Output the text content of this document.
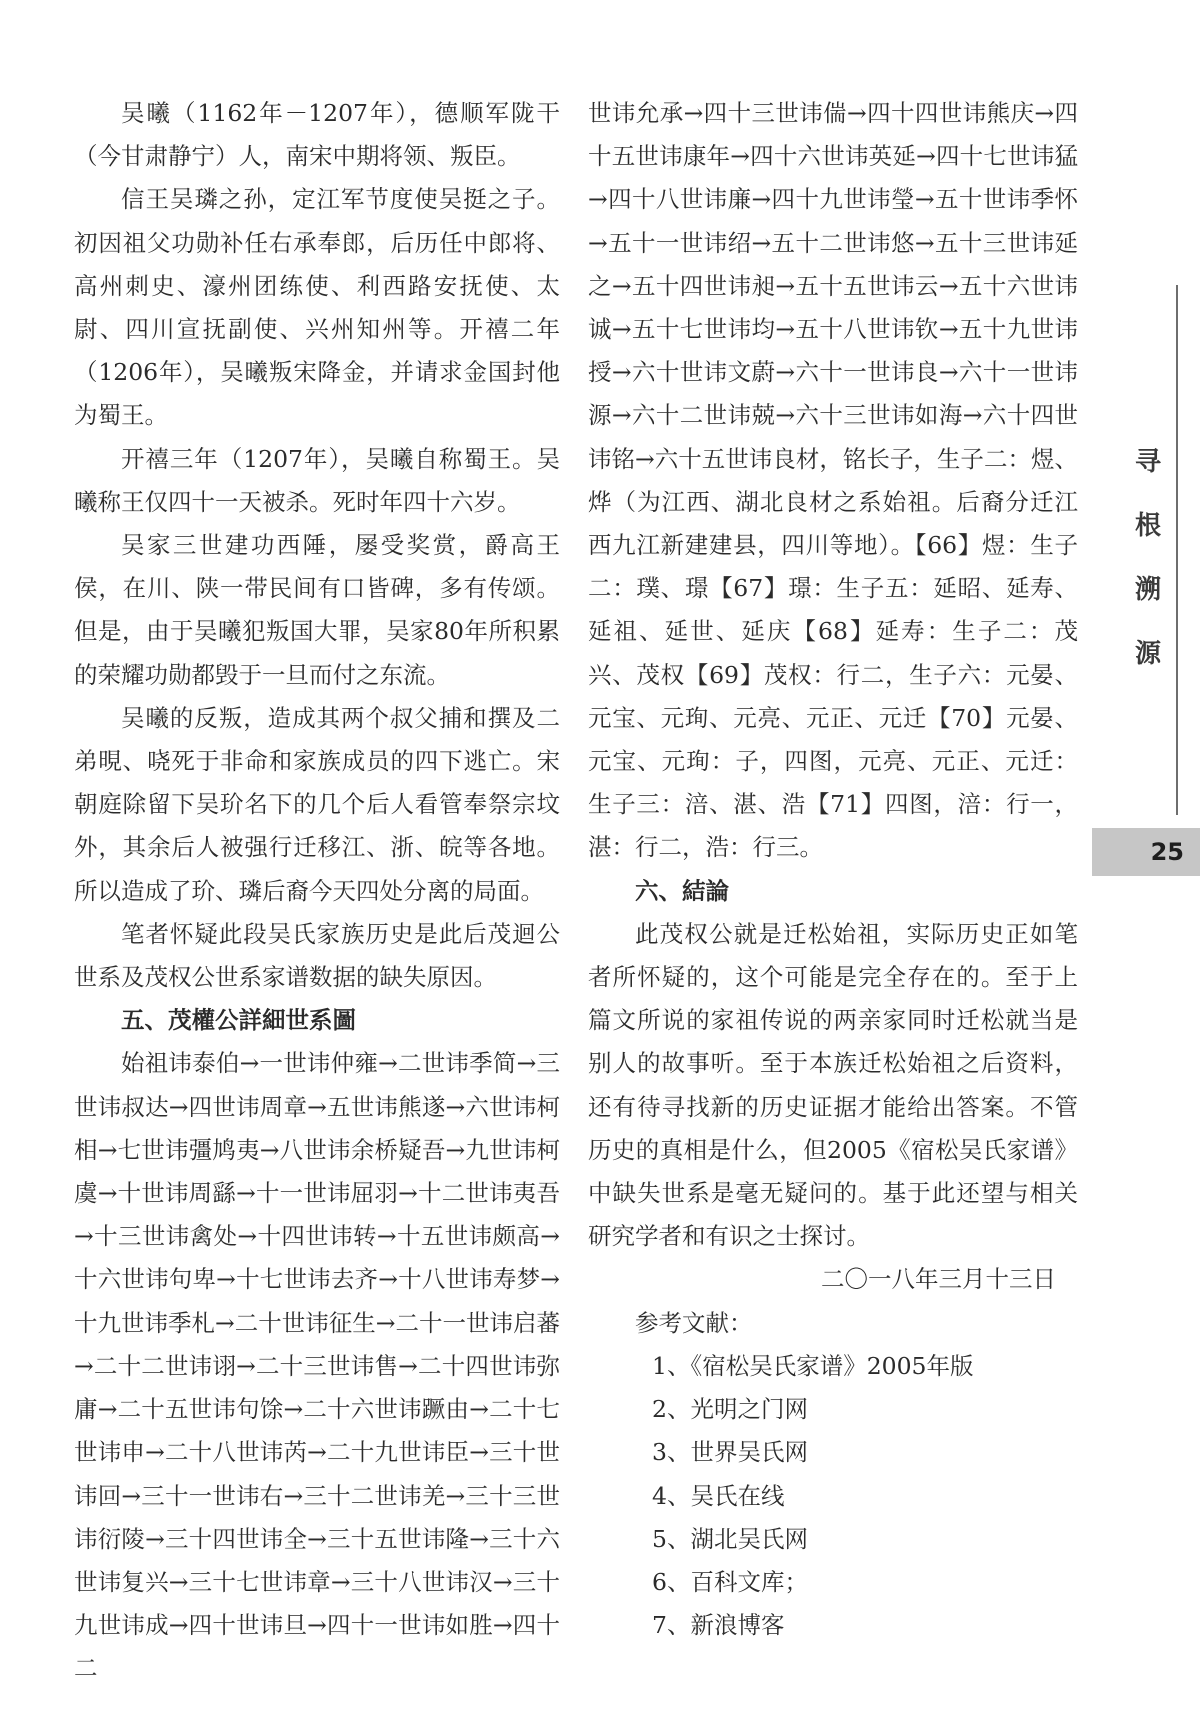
吴曦（1162年－1207年），德顺军陇干（今甘肃静宁）人，南宋中期将领、叛臣。

信王吴璘之孙，定江军节度使吴挺之子。初因祖父功勋补任右承奉郎，后历任中郎将、高州刺史、濠州团练使、利西路安抚使、太尉、四川宣抚副使、兴州知州等。开禧二年（1206年），吴曦叛宋降金，并请求金国封他为蜀王。

开禧三年（1207年），吴曦自称蜀王。吴曦称王仅四十一天被杀。死时年四十六岁。

吴家三世建功西陲，屡受奖赏，爵高王侯，在川、陕一带民间有口皆碑，多有传颂。但是，由于吴曦犯叛国大罪，吴家80年所积累的荣耀功勋都毁于一旦而付之东流。

吴曦的反叛，造成其两个叔父捕和撰及二弟晛、哓死于非命和家族成员的四下逃亡。宋朝庭除留下吴玠名下的几个后人看管奉祭宗坟外，其余后人被强行迁移江、浙、皖等各地。所以造成了玠、璘后裔今天四处分离的局面。

笔者怀疑此段吴氏家族历史是此后茂迴公世系及茂权公世系家谱数据的缺失原因。

五、茂權公詳細世系圖

始祖讳泰伯→一世讳仲雍→二世讳季简→三世讳叔达→四世讳周章→五世讳熊遂→六世讳柯相→七世讳彊鸠夷→八世讳余桥疑吾→九世讳柯虞→十世讳周繇→十一世讳屈羽→十二世讳夷吾→十三世讳禽处→十四世讳转→十五世讳颇高→十六世讳句卑→十七世讳去齐→十八世讳寿梦→十九世讳季札→二十世讳征生→二十一世讳启蕃→二十二世讳诩→二十三世讳售→二十四世讳弥庸→二十五世讳句馀→二十六世讳蹶由→二十七世讳申→二十八世讳芮→二十九世讳臣→三十世讳回→三十一世讳右→三十二世讳羌→三十三世讳衍陵→三十四世讳全→三十五世讳隆→三十六世讳复兴→三十七世讳章→三十八世讳汉→三十九世讳成→四十世讳旦→四十一世讳如胜→四十二

世讳允承→四十三世讳偳→四十四世讳熊庆→四十五世讳康年→四十六世讳英延→四十七世讳猛→四十八世讳廉→四十九世讳瑩→五十世讳季怀→五十一世讳绍→五十二世讳悠→五十三世讳延之→五十四世讳昶→五十五世讳云→五十六世讳诚→五十七世讳均→五十八世讳钦→五十九世讳授→六十世讳文蔚→六十一世讳良→六十一世讳源→六十二世讳兢→六十三世讳如海→六十四世讳铭→六十五世讳良材，铭长子，生子二：煜、烨（为江西、湖北良材之系始祖。后裔分迁江西九江新建建县，四川等地）。【66】煜：生子二：璞、璟【67】璟：生子五：延昭、延寿、延祖、延世、延庆【68】延寿：生子二：茂兴、茂权【69】茂权：行二，生子六：元晏、元宝、元珣、元亮、元正、元迁【70】元晏、元宝、元珣：子，四图，元亮、元正、元迁：生子三：涪、湛、浩【71】四图，涪：行一，湛：行二，浩：行三。

六、結論

此茂权公就是迁松始祖，实际历史正如笔者所怀疑的，这个可能是完全存在的。至于上篇文所说的家祖传说的两亲家同时迁松就当是别人的故事听。至于本族迁松始祖之后资料，还有待寻找新的历史证据才能给出答案。不管历史的真相是什么，但2005《宿松吴氏家谱》中缺失世系是毫无疑问的。基于此还望与相关研究学者和有识之士探讨。

二〇一八年三月十三日

参考文献：

1、《宿松吴氏家谱》2005年版
2、光明之门网
3、世界吴氏网
4、吴氏在线
5、湖北吴氏网
6、百科文库；
7、新浪博客
寻
根
溯
源
25
